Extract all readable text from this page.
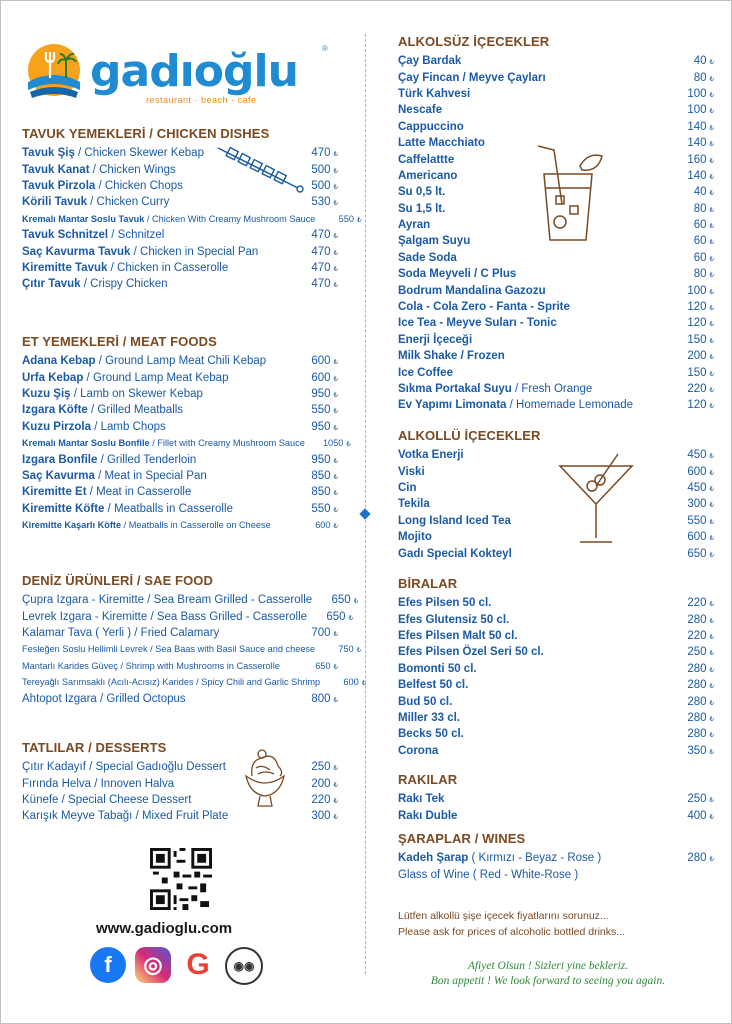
gadıoğlu	®
restaurant · beach · cafe
TAVUK YEMEKLERİ / CHICKEN DISHES
Tavuk Şiş / Chicken Skewer Kebap	470 ₺
Tavuk Kanat / Chicken Wings	500 ₺
Tavuk Pirzola / Chicken Chops	500 ₺
Körili Tavuk / Chicken Curry	530 ₺
Kremalı Mantar Soslu Tavuk / Chicken With Creamy Mushroom Sauce	550 ₺
Tavuk Schnitzel / Schnitzel	470 ₺
Saç Kavurma Tavuk / Chicken in Special Pan	470 ₺
Kiremitte Tavuk / Chicken in Casserolle	470 ₺
Çıtır Tavuk / Crispy Chicken	470 ₺
ET YEMEKLERİ / MEAT FOODS
Adana Kebap / Ground Lamp Meat Chili Kebap	600 ₺
Urfa Kebap / Ground Lamp Meat Kebap	600 ₺
Kuzu Şiş / Lamb on Skewer Kebap	950 ₺
Izgara Köfte / Grilled Meatballs	550 ₺
Kuzu Pirzola / Lamb Chops	950 ₺
Kremalı Mantar Soslu Bonfile / Fillet with Creamy Mushroom Sauce	1050 ₺
Izgara Bonfile / Grilled Tenderloin	950 ₺
Saç Kavurma / Meat in Special Pan	850 ₺
Kiremitte Et / Meat in Casserolle	850 ₺
Kiremitte Köfte / Meatballs in Casserolle	550 ₺
Kiremitte Kaşarlı Köfte / Meatballs in Casserolle on Cheese	600 ₺
DENİZ ÜRÜNLERİ / SAE FOOD
Çupra Izgara - Kiremitte / Sea Bream Grilled - Casserolle	650 ₺
Levrek Izgara - Kiremitte / Sea Bass Grilled - Casserolle	650 ₺
Kalamar Tava ( Yerli ) / Fried Calamary	700 ₺
Fesleğen Soslu Hellimli Levrek / Sea Baas with Basil Sauce and cheese	750 ₺
Mantarlı Karides Güveç / Shrimp with Mushrooms in Casserolle	650 ₺
Tereyağlı Sarımsaklı (Acılı-Acısız) Karides / Spicy Chili and Garlic Shrimp	600 ₺
Ahtopot Izgara / Grilled Octopus	800 ₺
TATLILAR / DESSERTS
Çıtır Kadayıf / Special Gadıoğlu Dessert	250 ₺
Fırında Helva / Innoven Halva	200 ₺
Künefe / Special Cheese Dessert	220 ₺
Karışık Meyve Tabağı / Mixed Fruit Plate	300 ₺
ALKOLSÜZ İÇECEKLER
Çay Bardak	40 ₺
Çay Fincan / Meyve Çayları	80 ₺
Türk Kahvesi	100 ₺
Nescafe	100 ₺
Cappuccino	140 ₺
Latte Macchiato	140 ₺
Caffelattte	160 ₺
Americano	140 ₺
Su 0,5 lt.	40 ₺
Su 1,5 lt.	80 ₺
Ayran	60 ₺
Şalgam Suyu	60 ₺
Sade Soda	60 ₺
Soda Meyveli / C Plus	80 ₺
Bodrum Mandalina Gazozu	100 ₺
Cola - Cola Zero - Fanta - Sprite	120 ₺
Ice Tea - Meyve Suları - Tonic	120 ₺
Enerji İçeceği	150 ₺
Milk Shake / Frozen	200 ₺
Ice Coffee	150 ₺
Sıkma Portakal Suyu / Fresh Orange	220 ₺
Ev Yapımı Limonata / Homemade Lemonade	120 ₺
ALKOLLÜ İÇECEKLER
Votka Enerji	450 ₺
Viski	600 ₺
Cin	450 ₺
Tekila	300 ₺
Long Island Iced Tea	550 ₺
Mojito	600 ₺
Gadı Special Kokteyl	650 ₺
BİRALAR
Efes Pilsen 50 cl.	220 ₺
Efes Glutensiz 50 cl.	280 ₺
Efes Pilsen Malt 50 cl.	220 ₺
Efes Pilsen Özel Seri 50 cl.	250 ₺
Bomonti 50 cl.	280 ₺
Belfest 50 cl.	280 ₺
Bud 50 cl.	280 ₺
Miller 33 cl.	280 ₺
Becks 50 cl.	280 ₺
Corona	350 ₺
RAKILAR
Rakı Tek	250 ₺
Rakı Duble	400 ₺
ŞARAPLAR / WINES
Kadeh Şarap ( Kırmızı - Beyaz - Rose )	280 ₺
Glass of Wine ( Red - White-Rose )
Lütfen alkollü şişe içecek fiyatlarını sorunuz...
Please ask for prices of alcoholic bottled drinks...
Afiyet Olsun ! Sizleri yine bekleriz.
Bon appetit ! We look forward to seeing you again.
www.gadioglu.com
f ◎ G ◉◉
